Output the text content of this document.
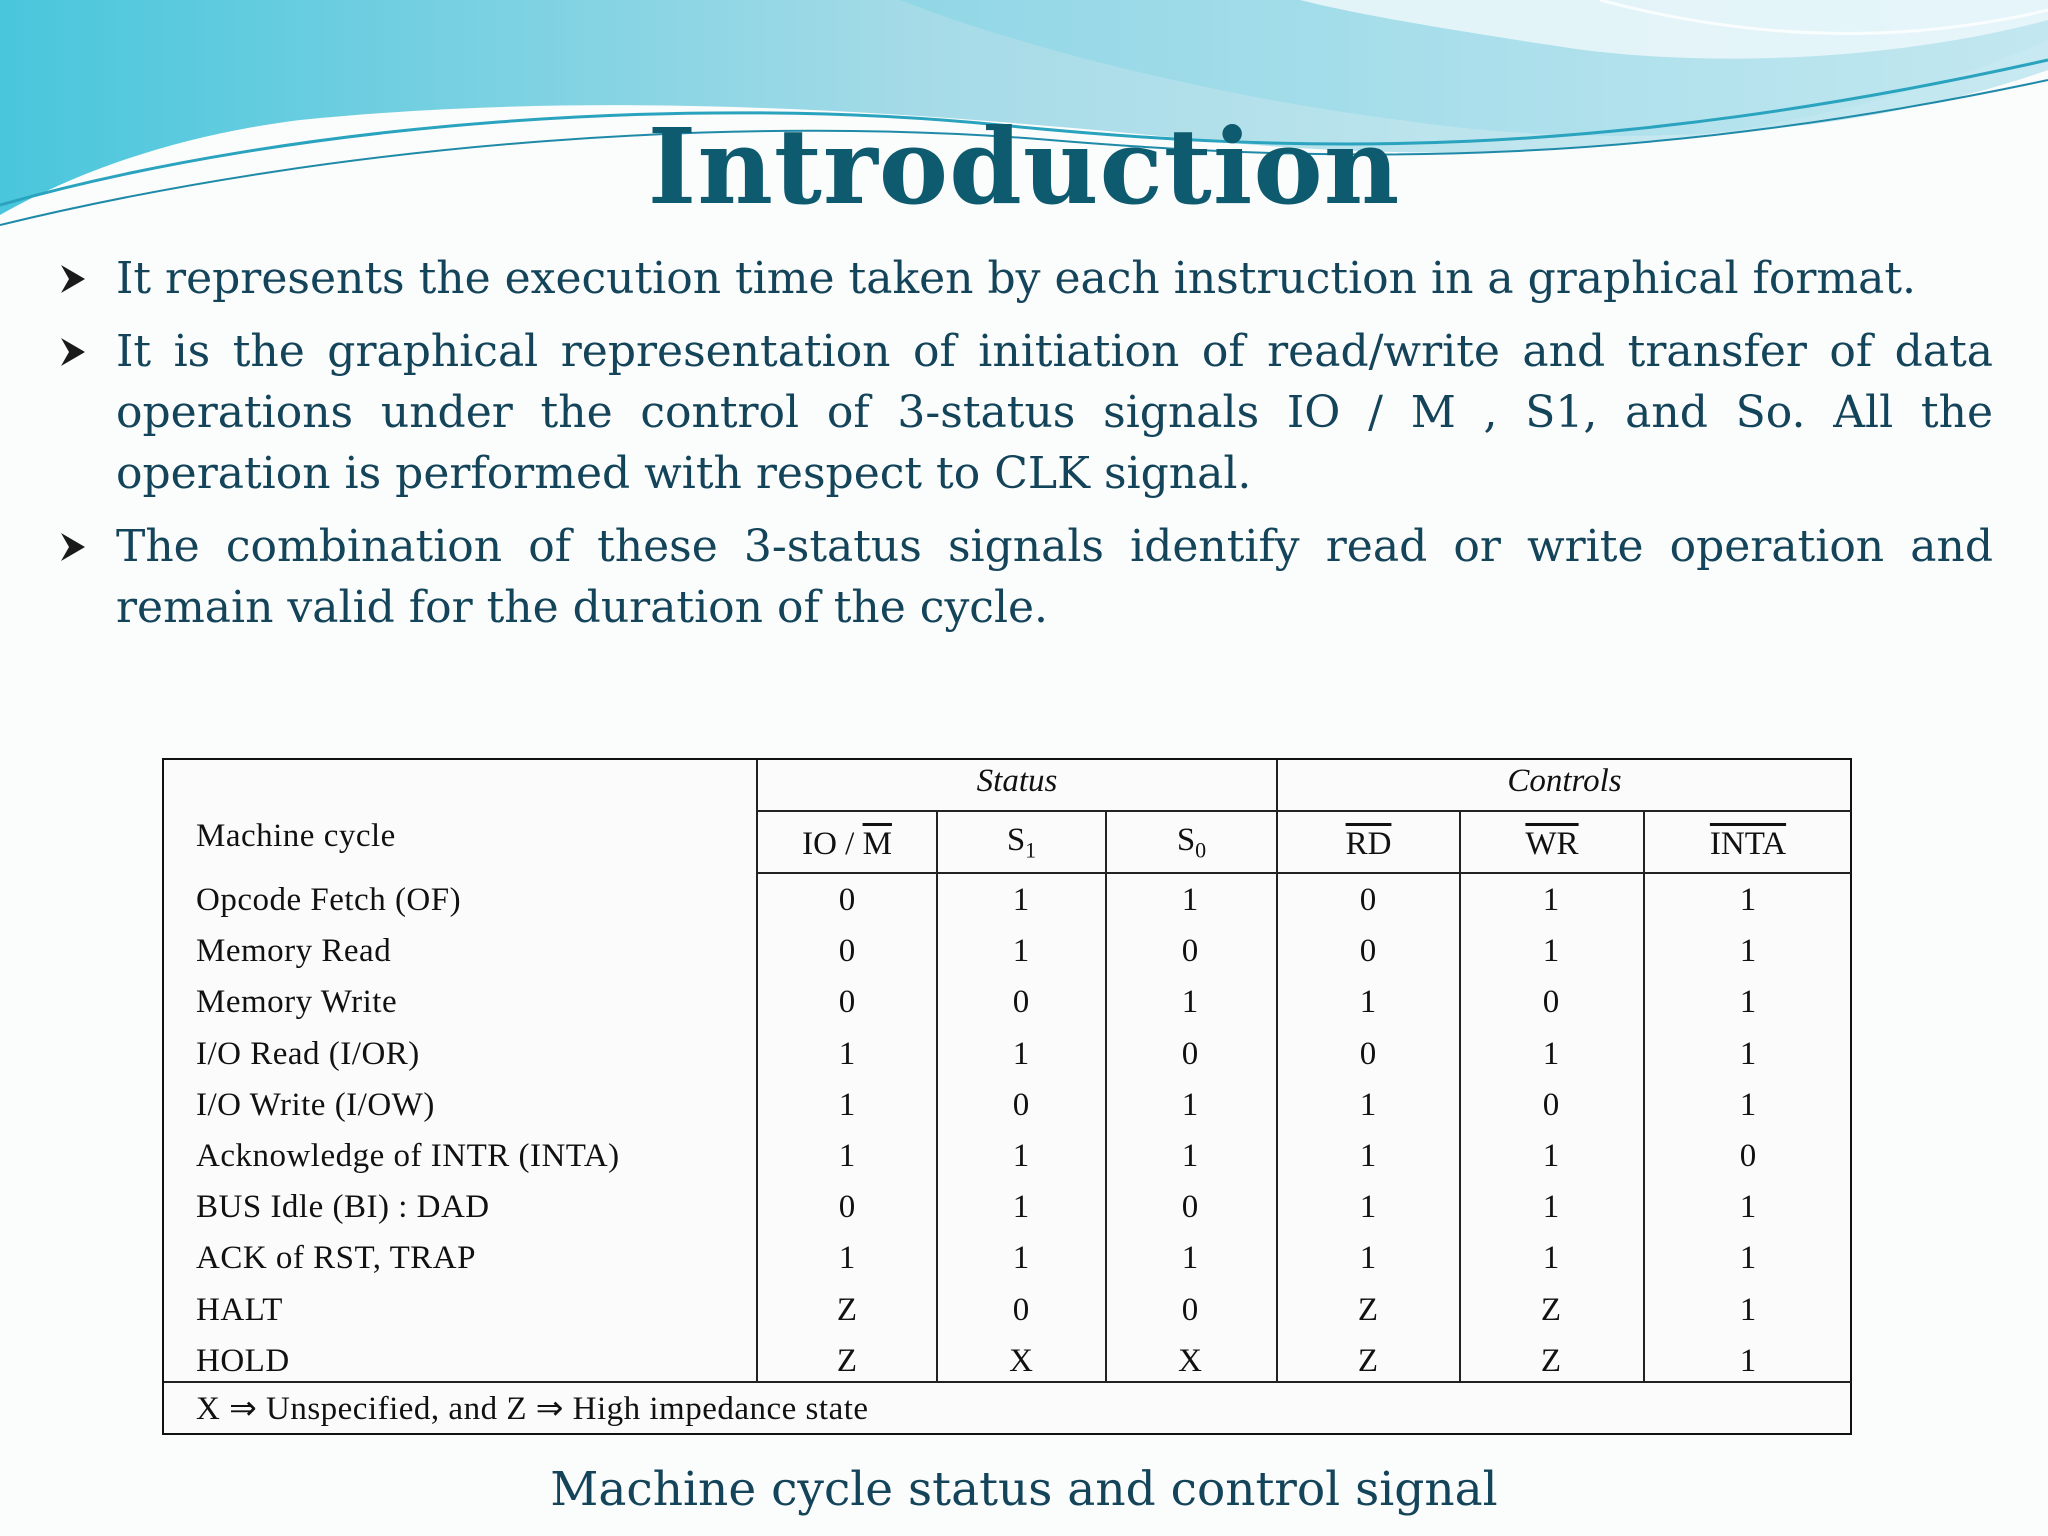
Introduction
It represents the execution time taken by each instruction in a graphical format.
It is the graphical representation of initiation of read/write and transfer of data operations under the control of 3-status signals IO / M , S1, and So. All the operation is performed with respect to CLK signal.
The combination of these 3-status signals identify read or write operation and remain valid for the duration of the cycle.
Status	Controls
Machine cycle	IO / $\overline{M}$	$S_1$	$S_0$	$\overline{RD}$	$\overline{WR}$	INTA
Opcode Fetch (OF)	0	1	1	0	1	1
Memory Read	0	1	0	0	1	1
Memory Write	0	0	1	1	0	1
I/O Read (I/OR)	1	1	0	0	1	1
I/O Write (I/OW)	1	0	1	1	0	1
Acknowledge of INTR (INTA)	1	1	1	1	1	0
BUS Idle (BI) : DAD	0	1	0	1	1	1
ACK of RST, TRAP	1	1	1	1	1	1
HALT	Z	0	0	Z	Z	1
HOLD	Z	X	X	Z	Z	1
X ⇒ Unspecified, and Z ⇒ High impedance state
Machine cycle status and control signal
